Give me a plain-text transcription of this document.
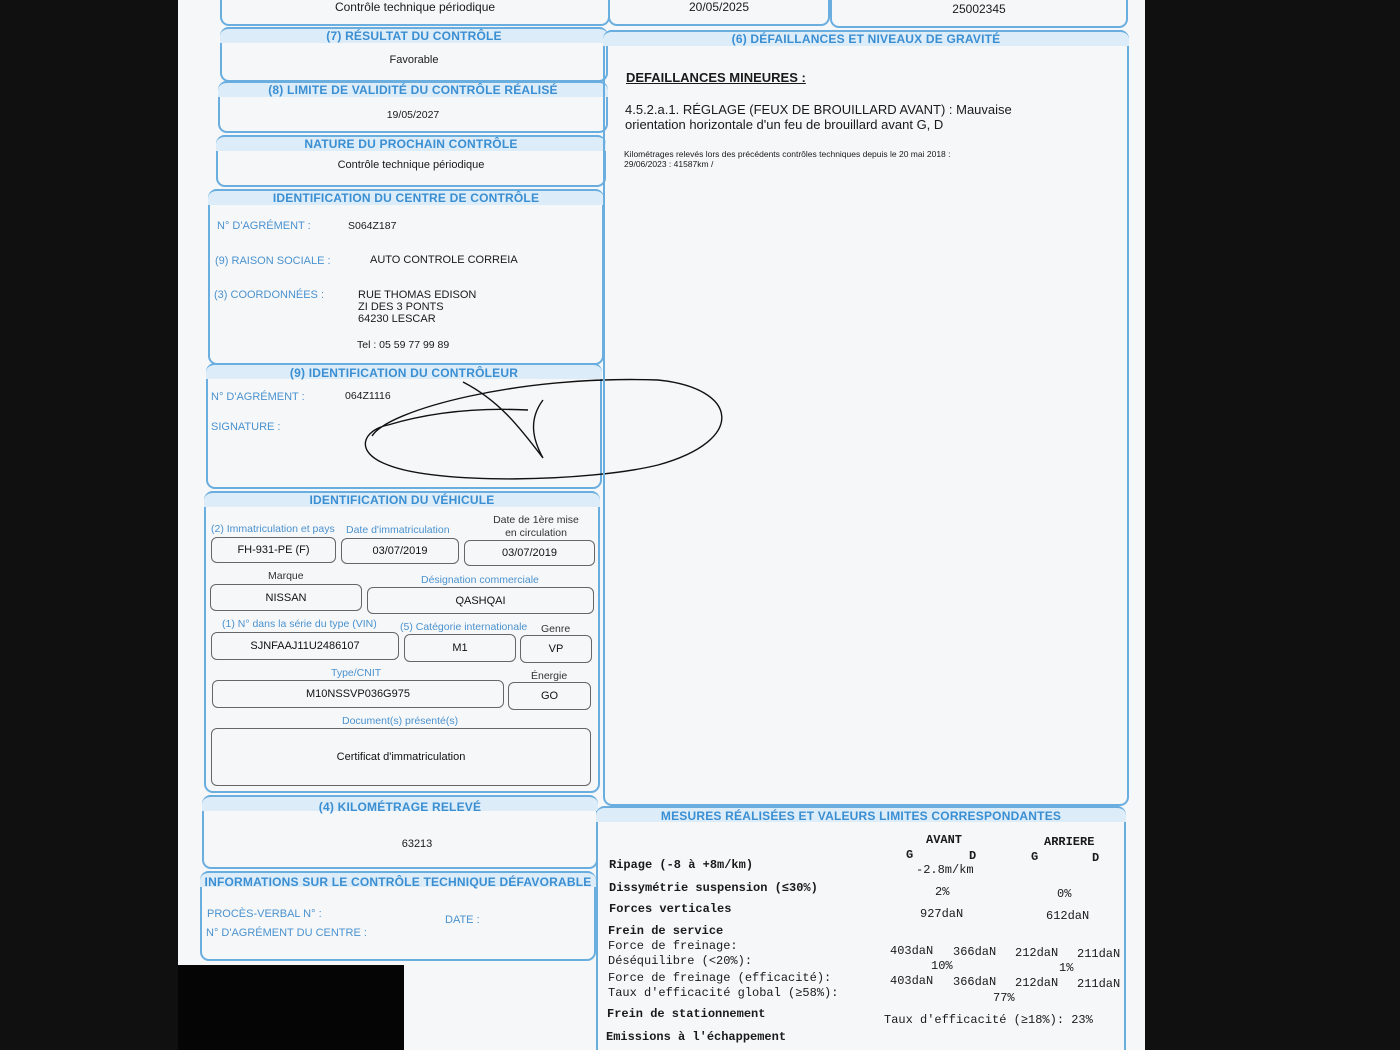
Contrôle technique périodique	20/05/2025	25002345
(7) RÉSULTAT DU CONTRÔLE
Favorable
(8) LIMITE DE VALIDITÉ DU CONTRÔLE RÉALISÉ
19/05/2027
NATURE DU PROCHAIN CONTRÔLE
Contrôle technique périodique
IDENTIFICATION DU CENTRE DE CONTRÔLE
N° D'AGRÉMENT :	S064Z187
(9) RAISON SOCIALE :	AUTO CONTROLE CORREIA
(3) COORDONNÉES :	RUE THOMAS EDISON
ZI DES 3 PONTS
64230 LESCAR
Tel : 05 59 77 99 89
(9) IDENTIFICATION DU CONTRÔLEUR
N° D'AGRÉMENT :	064Z1116
SIGNATURE :
IDENTIFICATION DU VÉHICULE
(2) Immatriculation et pays Date d'immatriculation
Date de 1ère mise
en circulation
FH-931-PE (F)	03/07/2019	03/07/2019
Marque	Désignation commerciale
NISSAN	QASHQAI
(1) N° dans la série du type (VIN) (5) Catégorie internationale Genre
SJNFAAJ11U2486107	M1	VP
Type/CNIT	Énergie
M10NSSVP036G975	GO
Document(s) présenté(s)
Certificat d'immatriculation
(4) KILOMÉTRAGE RELEVÉ
63213
INFORMATIONS SUR LE CONTRÔLE TECHNIQUE DÉFAVORABLE
PROCÈS-VERBAL N° :	DATE :
N° D'AGRÉMENT DU CENTRE :
(6) DÉFAILLANCES ET NIVEAUX DE GRAVITÉ
DEFAILLANCES MINEURES :
4.5.2.a.1. RÉGLAGE (FEUX DE BROUILLARD AVANT) : Mauvaise
orientation horizontale d'un feu de brouillard avant G, D
Kilométrages relevés lors des précédents contrôles techniques depuis le 20 mai 2018 :
29/06/2023 : 41587km /
MESURES RÉALISÉES ET VALEURS LIMITES CORRESPONDANTES
AVANT	ARRIERE
G	D	G	D
Ripage (-8 à +8m/km)	-2.8m/km
Dissymétrie suspension (≤30%)	2%	0%
Forces verticales	927daN	612daN
Frein de service
Force de freinage:	403daN 366daN 212daN 211daN
Déséquilibre (<20%):	10%	1%
Force de freinage (efficacité):	403daN 366daN 212daN 211daN
Taux d'efficacité global (≥58%):	77%
Frein de stationnement	Taux d'efficacité (≥18%): 23%
Emissions à l'échappement
